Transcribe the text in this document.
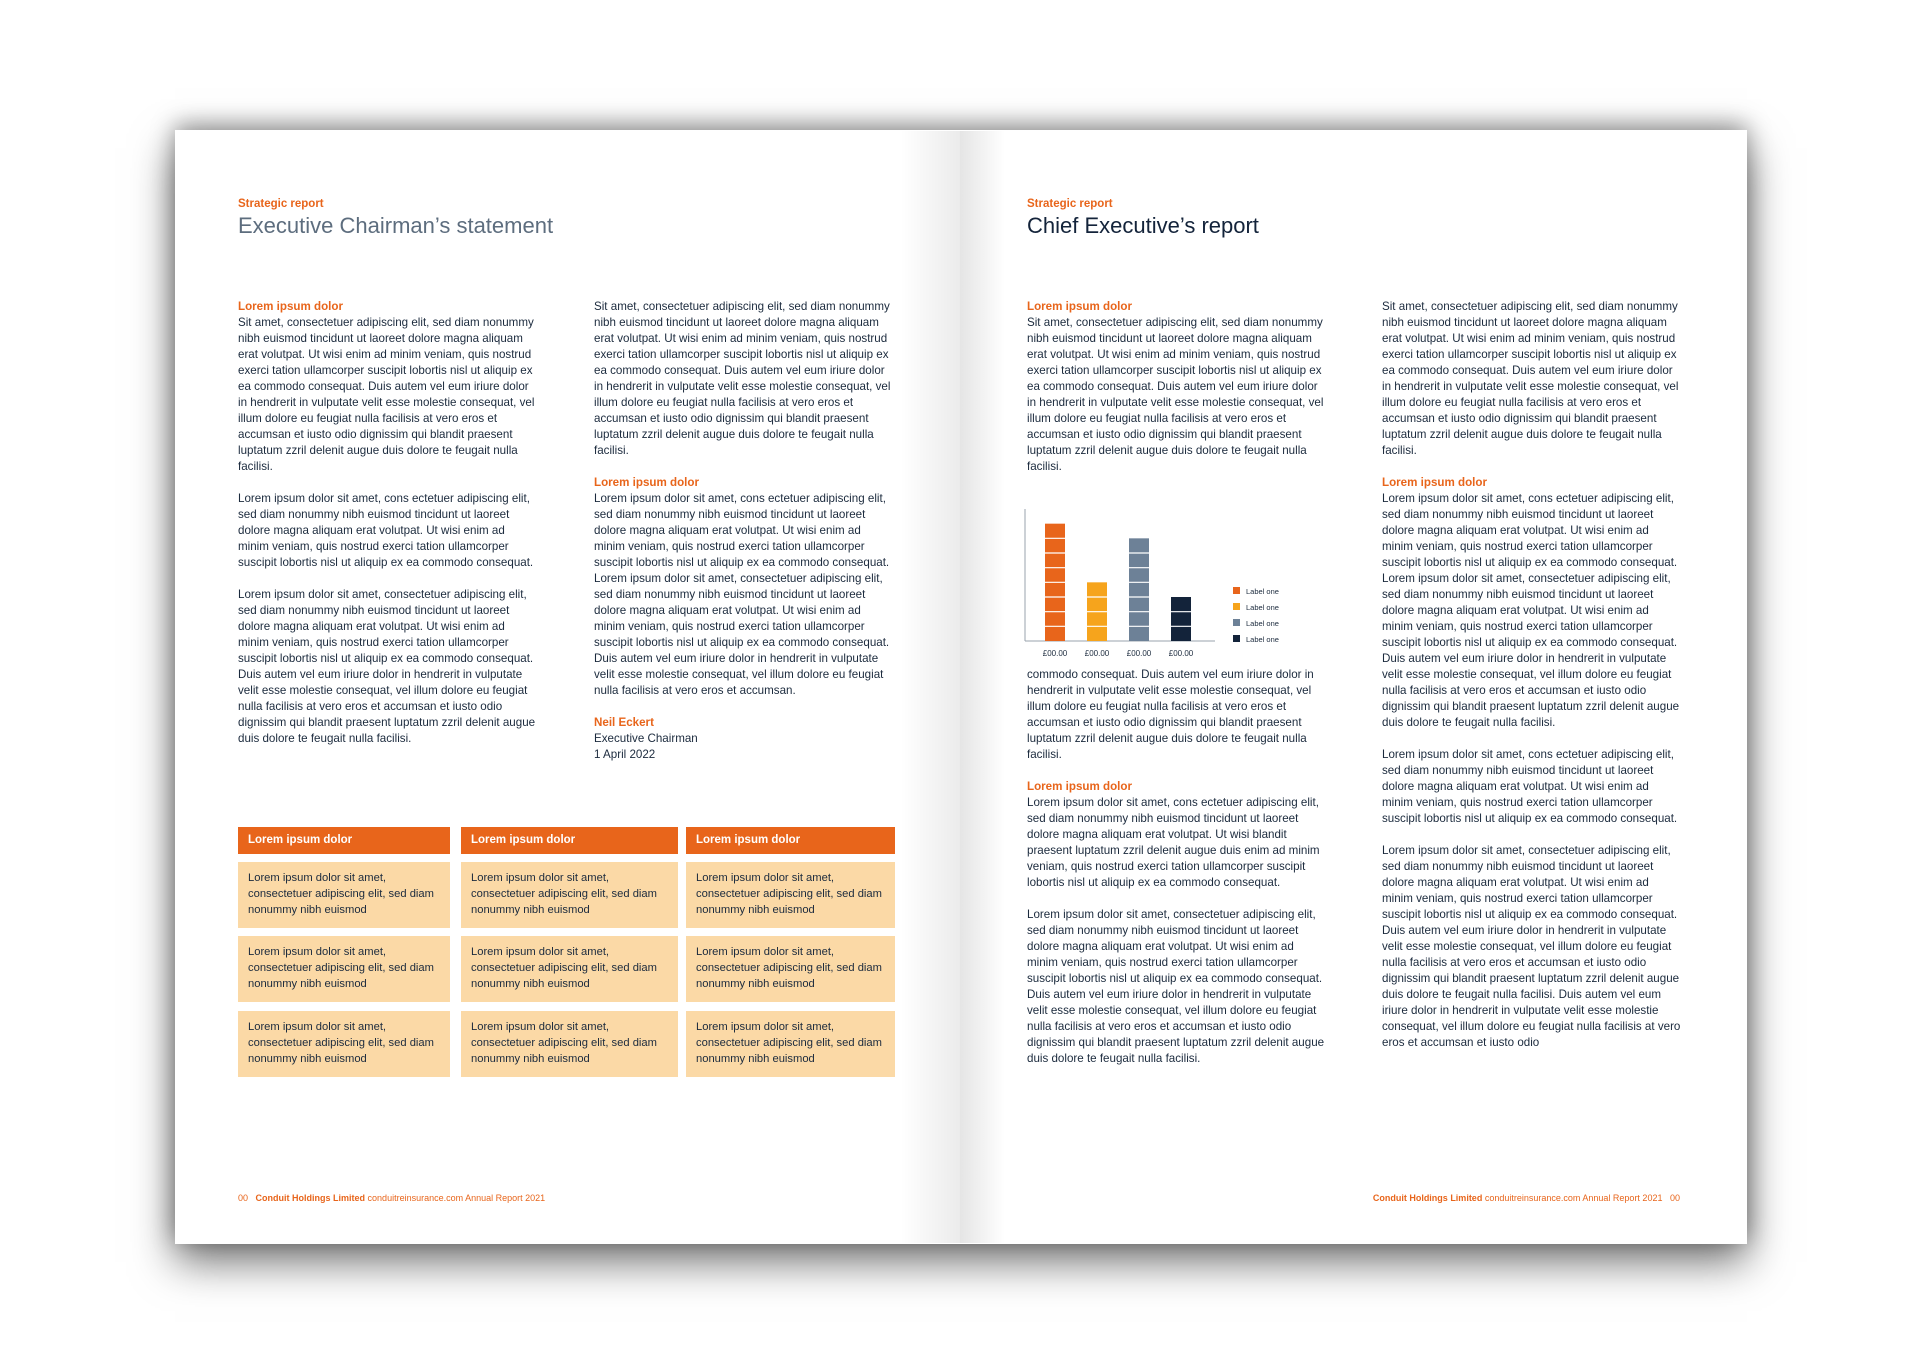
Strategic report
Executive Chairman’s statement
Lorem ipsum dolor

Sit amet, consectetuer adipiscing elit, sed diam nonummy nibh euismod tincidunt ut laoreet dolore magna aliquam erat volutpat. Ut wisi enim ad minim veniam, quis nostrud exerci tation ullamcorper suscipit lobortis nisl ut aliquip ex ea commodo consequat. Duis autem vel eum iriure dolor in hendrerit in vulputate velit esse molestie consequat, vel illum dolore eu feugiat nulla facilisis at vero eros et accumsan et iusto odio dignissim qui blandit praesent luptatum zzril delenit augue duis dolore te feugait nulla facilisi.

Lorem ipsum dolor sit amet, cons ectetuer adipiscing elit, sed diam nonummy nibh euismod tincidunt ut laoreet dolore magna aliquam erat volutpat. Ut wisi enim ad minim veniam, quis nostrud exerci tation ullamcorper suscipit lobortis nisl ut aliquip ex ea commodo consequat.

Lorem ipsum dolor sit amet, consectetuer adipiscing elit, sed diam nonummy nibh euismod tincidunt ut laoreet dolore magna aliquam erat volutpat. Ut wisi enim ad minim veniam, quis nostrud exerci tation ullamcorper suscipit lobortis nisl ut aliquip ex ea commodo consequat. Duis autem vel eum iriure dolor in hendrerit in vulputate velit esse molestie consequat, vel illum dolore eu feugiat nulla facilisis at vero eros et accumsan et iusto odio dignissim qui blandit praesent luptatum zzril delenit augue duis dolore te feugait nulla facilisi.

Sit amet, consectetuer adipiscing elit, sed diam nonummy nibh euismod tincidunt ut laoreet dolore magna aliquam erat volutpat. Ut wisi enim ad minim veniam, quis nostrud exerci tation ullamcorper suscipit lobortis nisl ut aliquip ex ea commodo consequat. Duis autem vel eum iriure dolor in hendrerit in vulputate velit esse molestie consequat, vel illum dolore eu feugiat nulla facilisis at vero eros et accumsan et iusto odio dignissim qui blandit praesent luptatum zzril delenit augue duis dolore te feugait nulla facilisi.

Lorem ipsum dolor

Lorem ipsum dolor sit amet, cons ectetuer adipiscing elit, sed diam nonummy nibh euismod tincidunt ut laoreet dolore magna aliquam erat volutpat. Ut wisi enim ad minim veniam, quis nostrud exerci tation ullamcorper suscipit lobortis nisl ut aliquip ex ea commodo consequat. Lorem ipsum dolor sit amet, consectetuer adipiscing elit, sed diam nonummy nibh euismod tincidunt ut laoreet dolore magna aliquam erat volutpat. Ut wisi enim ad minim veniam, quis nostrud exerci tation ullamcorper suscipit lobortis nisl ut aliquip ex ea commodo consequat. Duis autem vel eum iriure dolor in hendrerit in vulputate velit esse molestie consequat, vel illum dolore eu feugiat nulla facilisis at vero eros et accumsan.

Neil Eckert
Executive Chairman
1 April 2022
Lorem ipsum dolor	Lorem ipsum dolor	Lorem ipsum dolor
Lorem ipsum dolor sit amet, consectetuer adipiscing elit, sed diam nonummy nibh euismod
Lorem ipsum dolor sit amet, consectetuer adipiscing elit, sed diam nonummy nibh euismod
Lorem ipsum dolor sit amet, consectetuer adipiscing elit, sed diam nonummy nibh euismod
Lorem ipsum dolor sit amet, consectetuer adipiscing elit, sed diam nonummy nibh euismod
Lorem ipsum dolor sit amet, consectetuer adipiscing elit, sed diam nonummy nibh euismod
Lorem ipsum dolor sit amet, consectetuer adipiscing elit, sed diam nonummy nibh euismod
Lorem ipsum dolor sit amet, consectetuer adipiscing elit, sed diam nonummy nibh euismod
Lorem ipsum dolor sit amet, consectetuer adipiscing elit, sed diam nonummy nibh euismod
Lorem ipsum dolor sit amet, consectetuer adipiscing elit, sed diam nonummy nibh euismod
00 Conduit Holdings Limited conduitreinsurance.com Annual Report 2021
Strategic report
Chief Executive’s report
Lorem ipsum dolor

Sit amet, consectetuer adipiscing elit, sed diam nonummy nibh euismod tincidunt ut laoreet dolore magna aliquam erat volutpat. Ut wisi enim ad minim veniam, quis nostrud exerci tation ullamcorper suscipit lobortis nisl ut aliquip ex ea commodo consequat. Duis autem vel eum iriure dolor in hendrerit in vulputate velit esse molestie consequat, vel illum dolore eu feugiat nulla facilisis at vero eros et accumsan et iusto odio dignissim qui blandit praesent luptatum zzril delenit augue duis dolore te feugait nulla facilisi.

commodo consequat. Duis autem vel eum iriure dolor in hendrerit in vulputate velit esse molestie consequat, vel illum dolore eu feugiat nulla facilisis at vero eros et accumsan et iusto odio dignissim qui blandit praesent luptatum zzril delenit augue duis dolore te feugait nulla facilisi.

Lorem ipsum dolor

Lorem ipsum dolor sit amet, cons ectetuer adipiscing elit, sed diam nonummy nibh euismod tincidunt ut laoreet dolore magna aliquam erat volutpat. Ut wisi blandit praesent luptatum zzril delenit augue duis enim ad minim veniam, quis nostrud exerci tation ullamcorper suscipit lobortis nisl ut aliquip ex ea commodo consequat.

Lorem ipsum dolor sit amet, consectetuer adipiscing elit, sed diam nonummy nibh euismod tincidunt ut laoreet dolore magna aliquam erat volutpat. Ut wisi enim ad minim veniam, quis nostrud exerci tation ullamcorper suscipit lobortis nisl ut aliquip ex ea commodo consequat. Duis autem vel eum iriure dolor in hendrerit in vulputate velit esse molestie consequat, vel illum dolore eu feugiat nulla facilisis at vero eros et accumsan et iusto odio dignissim qui blandit praesent luptatum zzril delenit augue duis dolore te feugait nulla facilisi.

£00.00 £00.00 £00.00 £00.00
Label one
Label one
Label one
Label one

Sit amet, consectetuer adipiscing elit, sed diam nonummy nibh euismod tincidunt ut laoreet dolore magna aliquam erat volutpat. Ut wisi enim ad minim veniam, quis nostrud exerci tation ullamcorper suscipit lobortis nisl ut aliquip ex ea commodo consequat. Duis autem vel eum iriure dolor in hendrerit in vulputate velit esse molestie consequat, vel illum dolore eu feugiat nulla facilisis at vero eros et accumsan et iusto odio dignissim qui blandit praesent luptatum zzril delenit augue duis dolore te feugait nulla facilisi.

Lorem ipsum dolor

Lorem ipsum dolor sit amet, cons ectetuer adipiscing elit, sed diam nonummy nibh euismod tincidunt ut laoreet dolore magna aliquam erat volutpat. Ut wisi enim ad minim veniam, quis nostrud exerci tation ullamcorper suscipit lobortis nisl ut aliquip ex ea commodo consequat. Lorem ipsum dolor sit amet, consectetuer adipiscing elit, sed diam nonummy nibh euismod tincidunt ut laoreet dolore magna aliquam erat volutpat. Ut wisi enim ad minim veniam, quis nostrud exerci tation ullamcorper suscipit lobortis nisl ut aliquip ex ea commodo consequat. Duis autem vel eum iriure dolor in hendrerit in vulputate velit esse molestie consequat, vel illum dolore eu feugiat nulla facilisis at vero eros et accumsan et iusto odio dignissim qui blandit praesent luptatum zzril delenit augue duis dolore te feugait nulla facilisi.

Lorem ipsum dolor sit amet, cons ectetuer adipiscing elit, sed diam nonummy nibh euismod tincidunt ut laoreet dolore magna aliquam erat volutpat. Ut wisi enim ad minim veniam, quis nostrud exerci tation ullamcorper suscipit lobortis nisl ut aliquip ex ea commodo consequat.

Lorem ipsum dolor sit amet, consectetuer adipiscing elit, sed diam nonummy nibh euismod tincidunt ut laoreet dolore magna aliquam erat volutpat. Ut wisi enim ad minim veniam, quis nostrud exerci tation ullamcorper suscipit lobortis nisl ut aliquip ex ea commodo consequat. Duis autem vel eum iriure dolor in hendrerit in vulputate velit esse molestie consequat, vel illum dolore eu feugiat nulla facilisis at vero eros et accumsan et iusto odio dignissim qui blandit praesent luptatum zzril delenit augue duis dolore te feugait nulla facilisi. Duis autem vel eum iriure dolor in hendrerit in vulputate velit esse molestie consequat, vel illum dolore eu feugiat nulla facilisis at vero eros et accumsan et iusto odio

Conduit Holdings Limited conduitreinsurance.com Annual Report 2021 00
